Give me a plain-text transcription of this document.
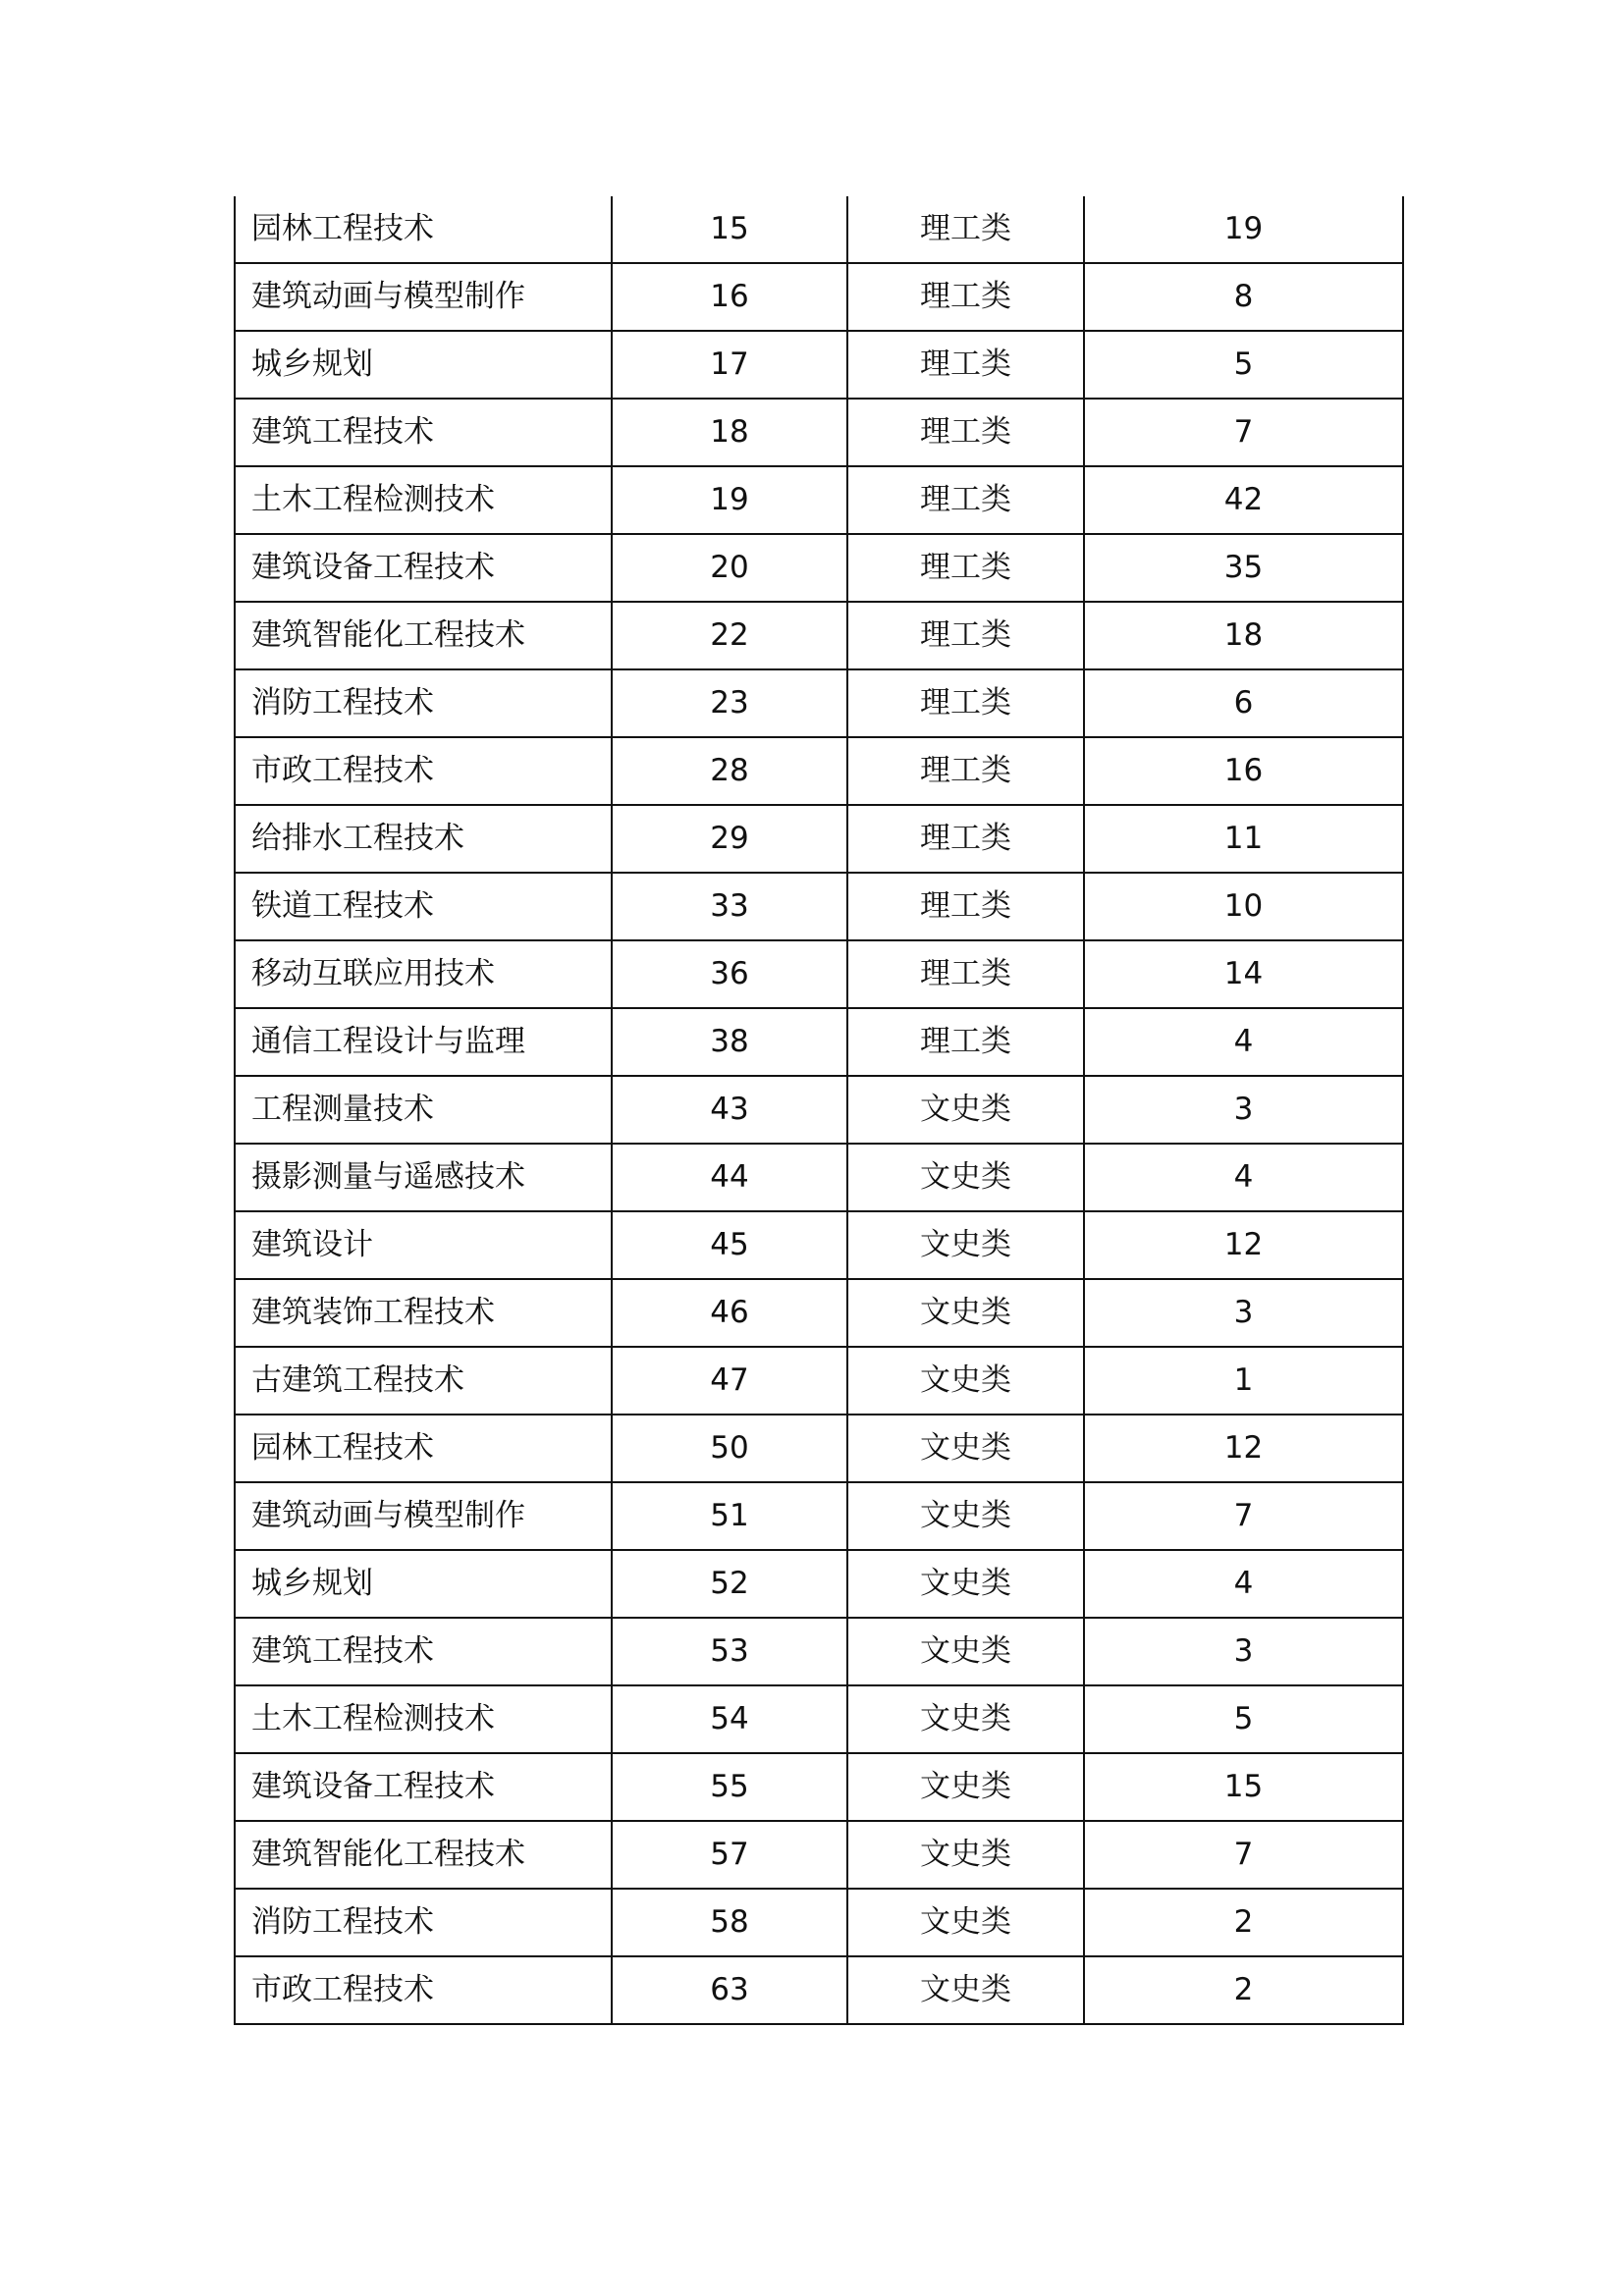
园林工程技术	15	理工类	19
建筑动画与模型制作	16	理工类	8
城乡规划	17	理工类	5
建筑工程技术	18	理工类	7
土木工程检测技术	19	理工类	42
建筑设备工程技术	20	理工类	35
建筑智能化工程技术	22	理工类	18
消防工程技术	23	理工类	6
市政工程技术	28	理工类	16
给排水工程技术	29	理工类	11
铁道工程技术	33	理工类	10
移动互联应用技术	36	理工类	14
通信工程设计与监理	38	理工类	4
工程测量技术	43	文史类	3
摄影测量与遥感技术	44	文史类	4
建筑设计	45	文史类	12
建筑装饰工程技术	46	文史类	3
古建筑工程技术	47	文史类	1
园林工程技术	50	文史类	12
建筑动画与模型制作	51	文史类	7
城乡规划	52	文史类	4
建筑工程技术	53	文史类	3
土木工程检测技术	54	文史类	5
建筑设备工程技术	55	文史类	15
建筑智能化工程技术	57	文史类	7
消防工程技术	58	文史类	2
市政工程技术	63	文史类	2
